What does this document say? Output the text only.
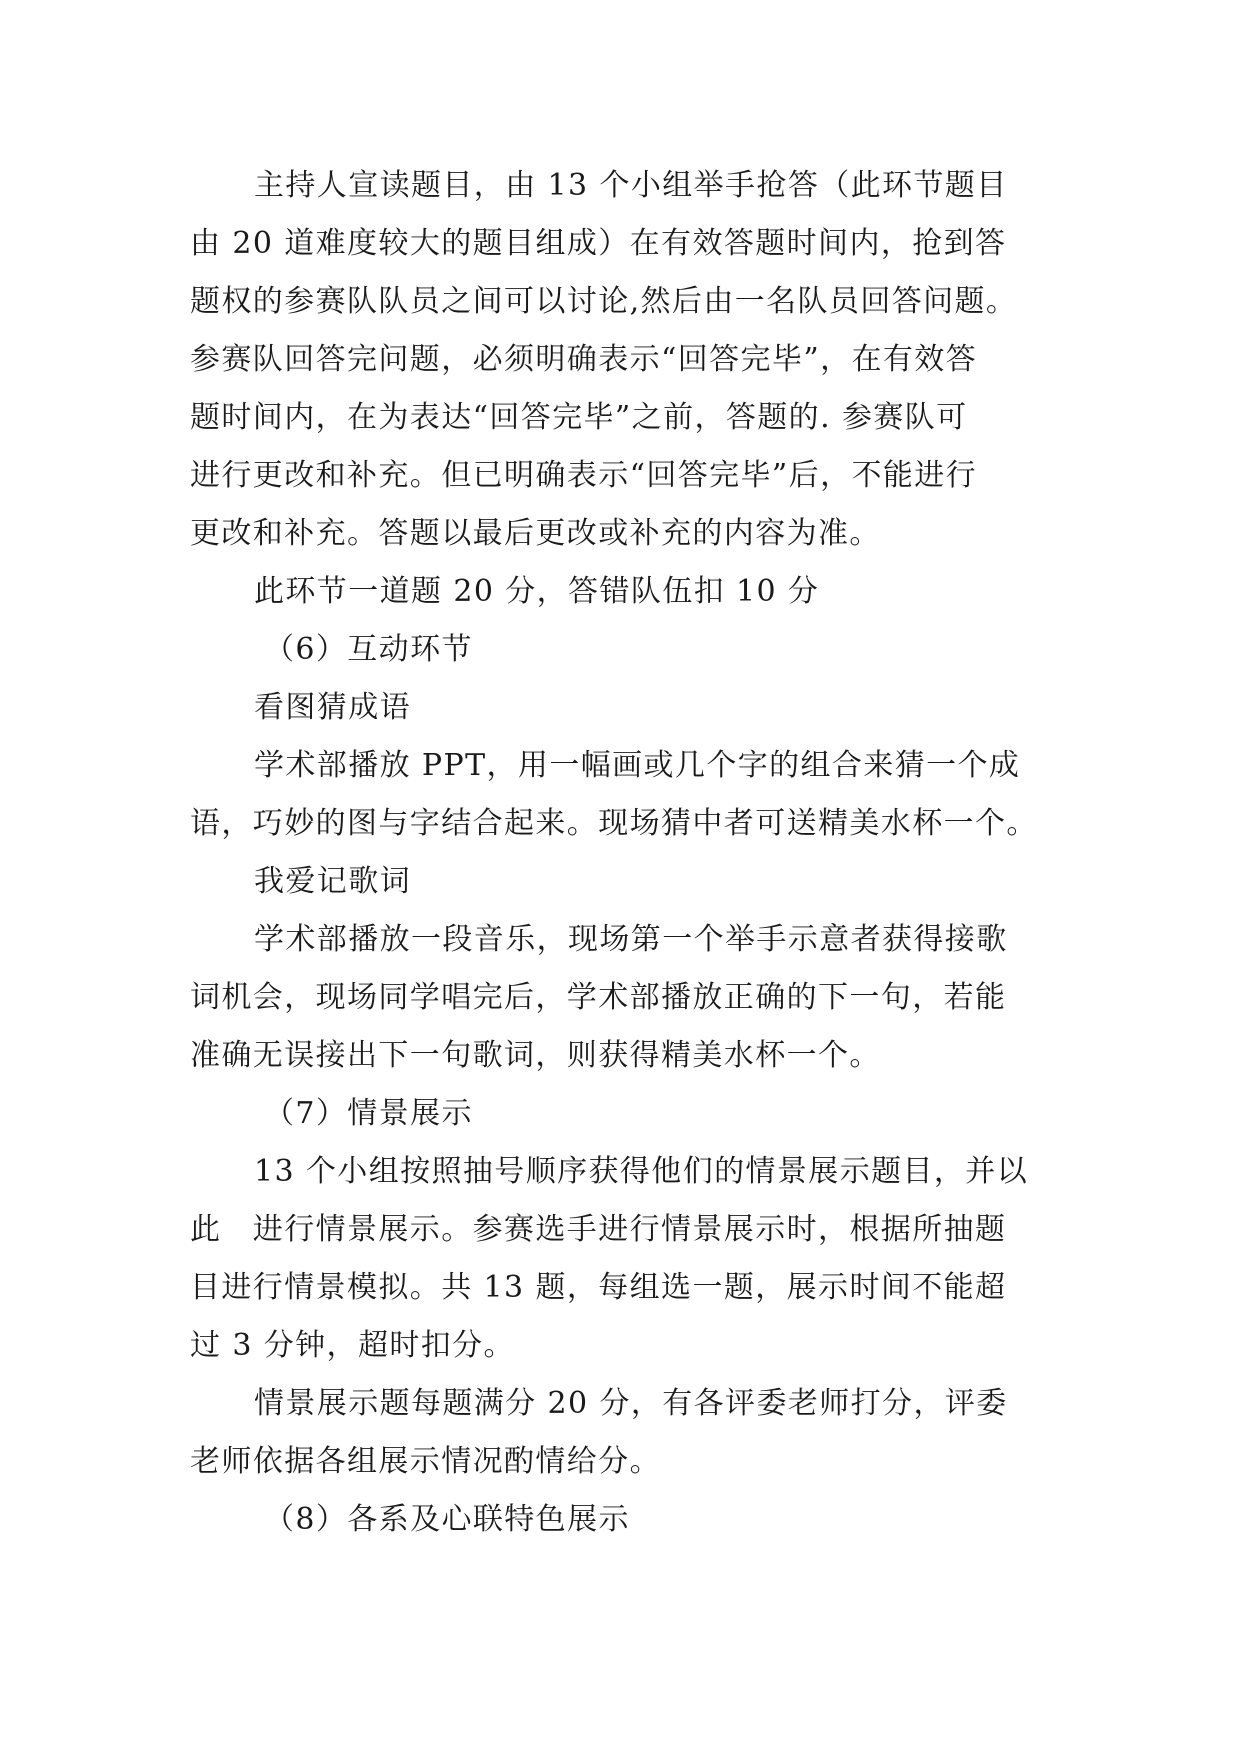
主持人宣读题目，由 13 个小组举手抢答（此环节题目
由 20 道难度较大的题目组成）在有效答题时间内，抢到答
题权的参赛队队员之间可以讨论,然后由一名队员回答问题。
参赛队回答完问题，必须明确表示“回答完毕”，在有效答
题时间内，在为表达“回答完毕”之前，答题的. 参赛队可
进行更改和补充。但已明确表示“回答完毕”后，不能进行
更改和补充。答题以最后更改或补充的内容为准。
此环节一道题 20 分，答错队伍扣 10 分
（6）互动环节
看图猜成语
学术部播放 PPT，用一幅画或几个字的组合来猜一个成
语，巧妙的图与字结合起来。现场猜中者可送精美水杯一个。
我爱记歌词
学术部播放一段音乐，现场第一个举手示意者获得接歌
词机会，现场同学唱完后，学术部播放正确的下一句，若能
准确无误接出下一句歌词，则获得精美水杯一个。
（7）情景展示
13 个小组按照抽号顺序获得他们的情景展示题目，并以
此　进行情景展示。参赛选手进行情景展示时，根据所抽题
目进行情景模拟。共 13 题，每组选一题，展示时间不能超
过 3 分钟，超时扣分。
情景展示题每题满分 20 分，有各评委老师打分，评委
老师依据各组展示情况酌情给分。
（8）各系及心联特色展示
